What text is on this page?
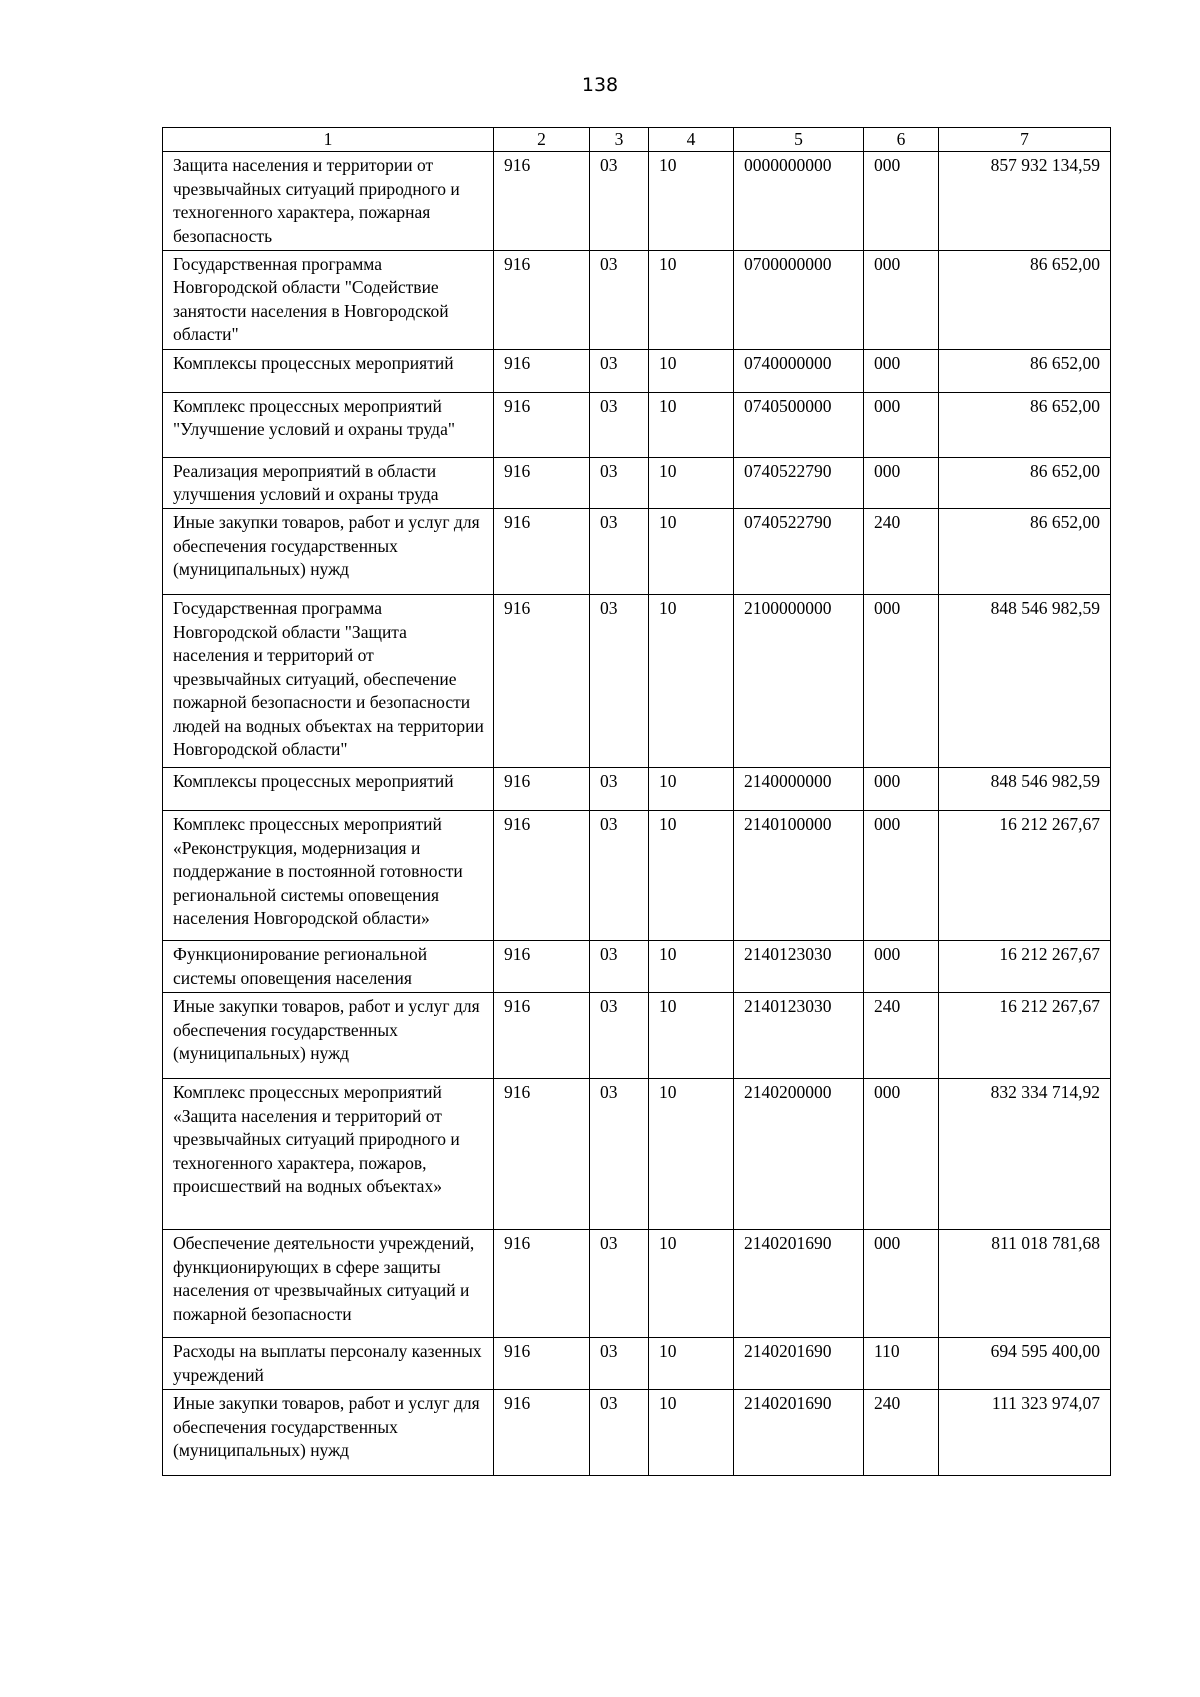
138
1	2	3	4	5	6	7
Защита населения и территории от чрезвычайных ситуаций природного и техногенного характера, пожарная безопасность	916	03	10	0000000000	000	857 932 134,59
Государственная программа Новгородской области "Содействие занятости населения в Новгородской области"	916	03	10	0700000000	000	86 652,00
Комплексы процессных мероприятий	916	03	10	0740000000	000	86 652,00
Комплекс процессных мероприятий "Улучшение условий и охраны труда"	916	03	10	0740500000	000	86 652,00
Реализация мероприятий в области улучшения условий и охраны труда	916	03	10	0740522790	000	86 652,00
Иные закупки товаров, работ и услуг для обеспечения государственных (муниципальных) нужд	916	03	10	0740522790	240	86 652,00
Государственная программа Новгородской области "Защита населения и территорий от чрезвычайных ситуаций, обеспечение пожарной безопасности и безопасности людей на водных объектах на территории Новгородской области"	916	03	10	2100000000	000	848 546 982,59
Комплексы процессных мероприятий	916	03	10	2140000000	000	848 546 982,59
Комплекс процессных мероприятий «Реконструкция, модернизация и поддержание в постоянной готовности региональной системы оповещения населения Новгородской области»	916	03	10	2140100000	000	16 212 267,67
Функционирование региональной системы оповещения населения	916	03	10	2140123030	000	16 212 267,67
Иные закупки товаров, работ и услуг для обеспечения государственных (муниципальных) нужд	916	03	10	2140123030	240	16 212 267,67
Комплекс процессных мероприятий «Защита населения и территорий от чрезвычайных ситуаций природного и техногенного характера, пожаров, происшествий на водных объектах»	916	03	10	2140200000	000	832 334 714,92
Обеспечение деятельности учреждений, функционирующих в сфере защиты населения от чрезвычайных ситуаций и пожарной безопасности	916	03	10	2140201690	000	811 018 781,68
Расходы на выплаты персоналу казенных учреждений	916	03	10	2140201690	110	694 595 400,00
Иные закупки товаров, работ и услуг для обеспечения государственных (муниципальных) нужд	916	03	10	2140201690	240	111 323 974,07
